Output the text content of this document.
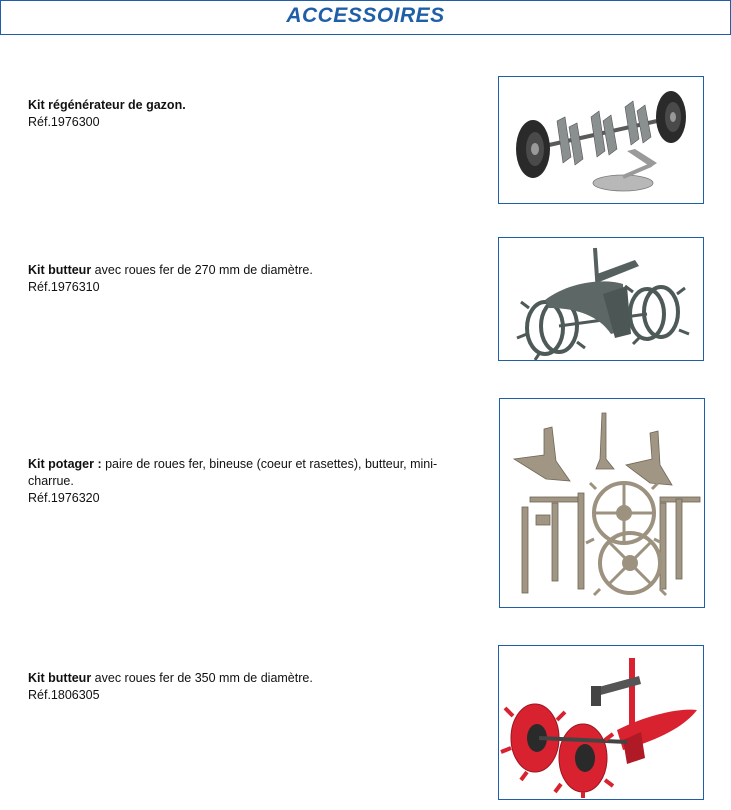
ACCESSOIRES
Kit régénérateur de gazon.
Réf.1976300
Kit butteur avec roues fer de 270 mm de diamètre.
Réf.1976310
Kit potager : paire de roues fer, bineuse (coeur et rasettes), butteur, mini-charrue.
Réf.1976320
Kit butteur avec roues fer de 350 mm de diamètre.
Réf.1806305
